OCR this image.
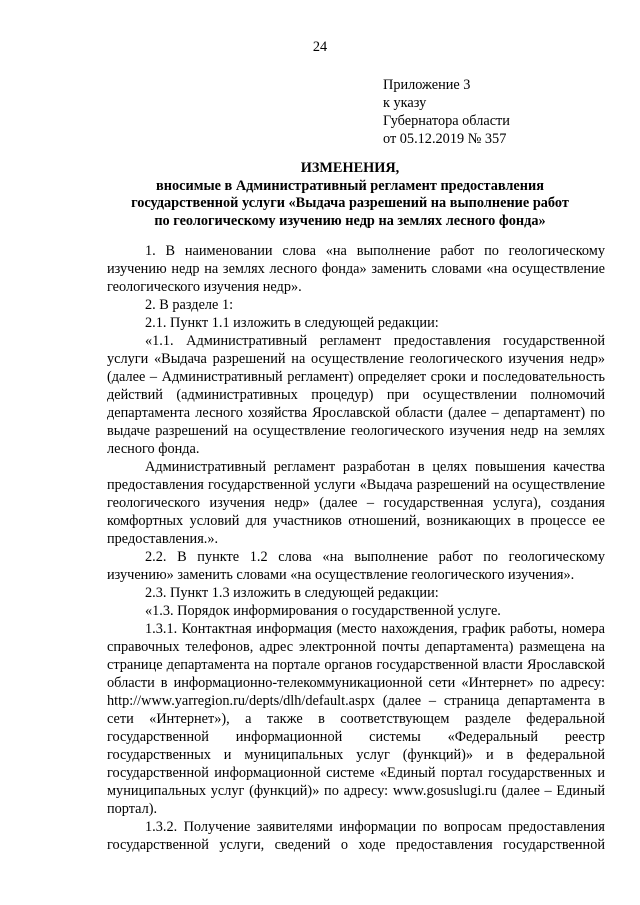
24
Приложение 3
к указу
Губернатора области
от 05.12.2019 № 357
ИЗМЕНЕНИЯ,
вносимые в Административный регламент предоставления
государственной услуги «Выдача разрешений на выполнение работ
по геологическому изучению недр на землях лесного фонда»

1. В наименовании слова «на выполнение работ по геологическому изучению недр на землях лесного фонда» заменить словами «на осуществление геологического изучения недр».

2. В разделе 1:

2.1. Пункт 1.1 изложить в следующей редакции:

«1.1. Административный регламент предоставления государственной услуги «Выдача разрешений на осуществление геологического изучения недр» (далее – Административный регламент) определяет сроки и последовательность действий (административных процедур) при осуществлении полномочий департамента лесного хозяйства Ярославской области (далее – департамент) по выдаче разрешений на осуществление геологического изучения недр на землях лесного фонда.

Административный регламент разработан в целях повышения качества предоставления государственной услуги «Выдача разрешений на осуществление геологического изучения недр» (далее – государственная услуга), создания комфортных условий для участников отношений, возникающих в процессе ее предоставления.».

2.2. В пункте 1.2 слова «на выполнение работ по геологическому изучению» заменить словами «на осуществление геологического изучения».

2.3. Пункт 1.3 изложить в следующей редакции:

«1.3. Порядок информирования о государственной услуге.

1.3.1. Контактная информация (место нахождения, график работы, номера справочных телефонов, адрес электронной почты департамента) размещена на странице департамента на портале органов государственной власти Ярославской области в информационно-телекоммуникационной сети «Интернет» по адресу: http://www.yarregion.ru/depts/dlh/default.aspx (далее – страница департамента в сети «Интернет»), а также в соответствующем разделе федеральной государственной информационной системы «Федеральный реестр государственных и муниципальных услуг (функций)» и в федеральной государственной информационной системе «Единый портал государственных и муниципальных услуг (функций)» по адресу: www.gosuslugi.ru (далее – Единый портал).

1.3.2. Получение заявителями информации по вопросам предоставления государственной услуги, сведений о ходе предоставления государственной
